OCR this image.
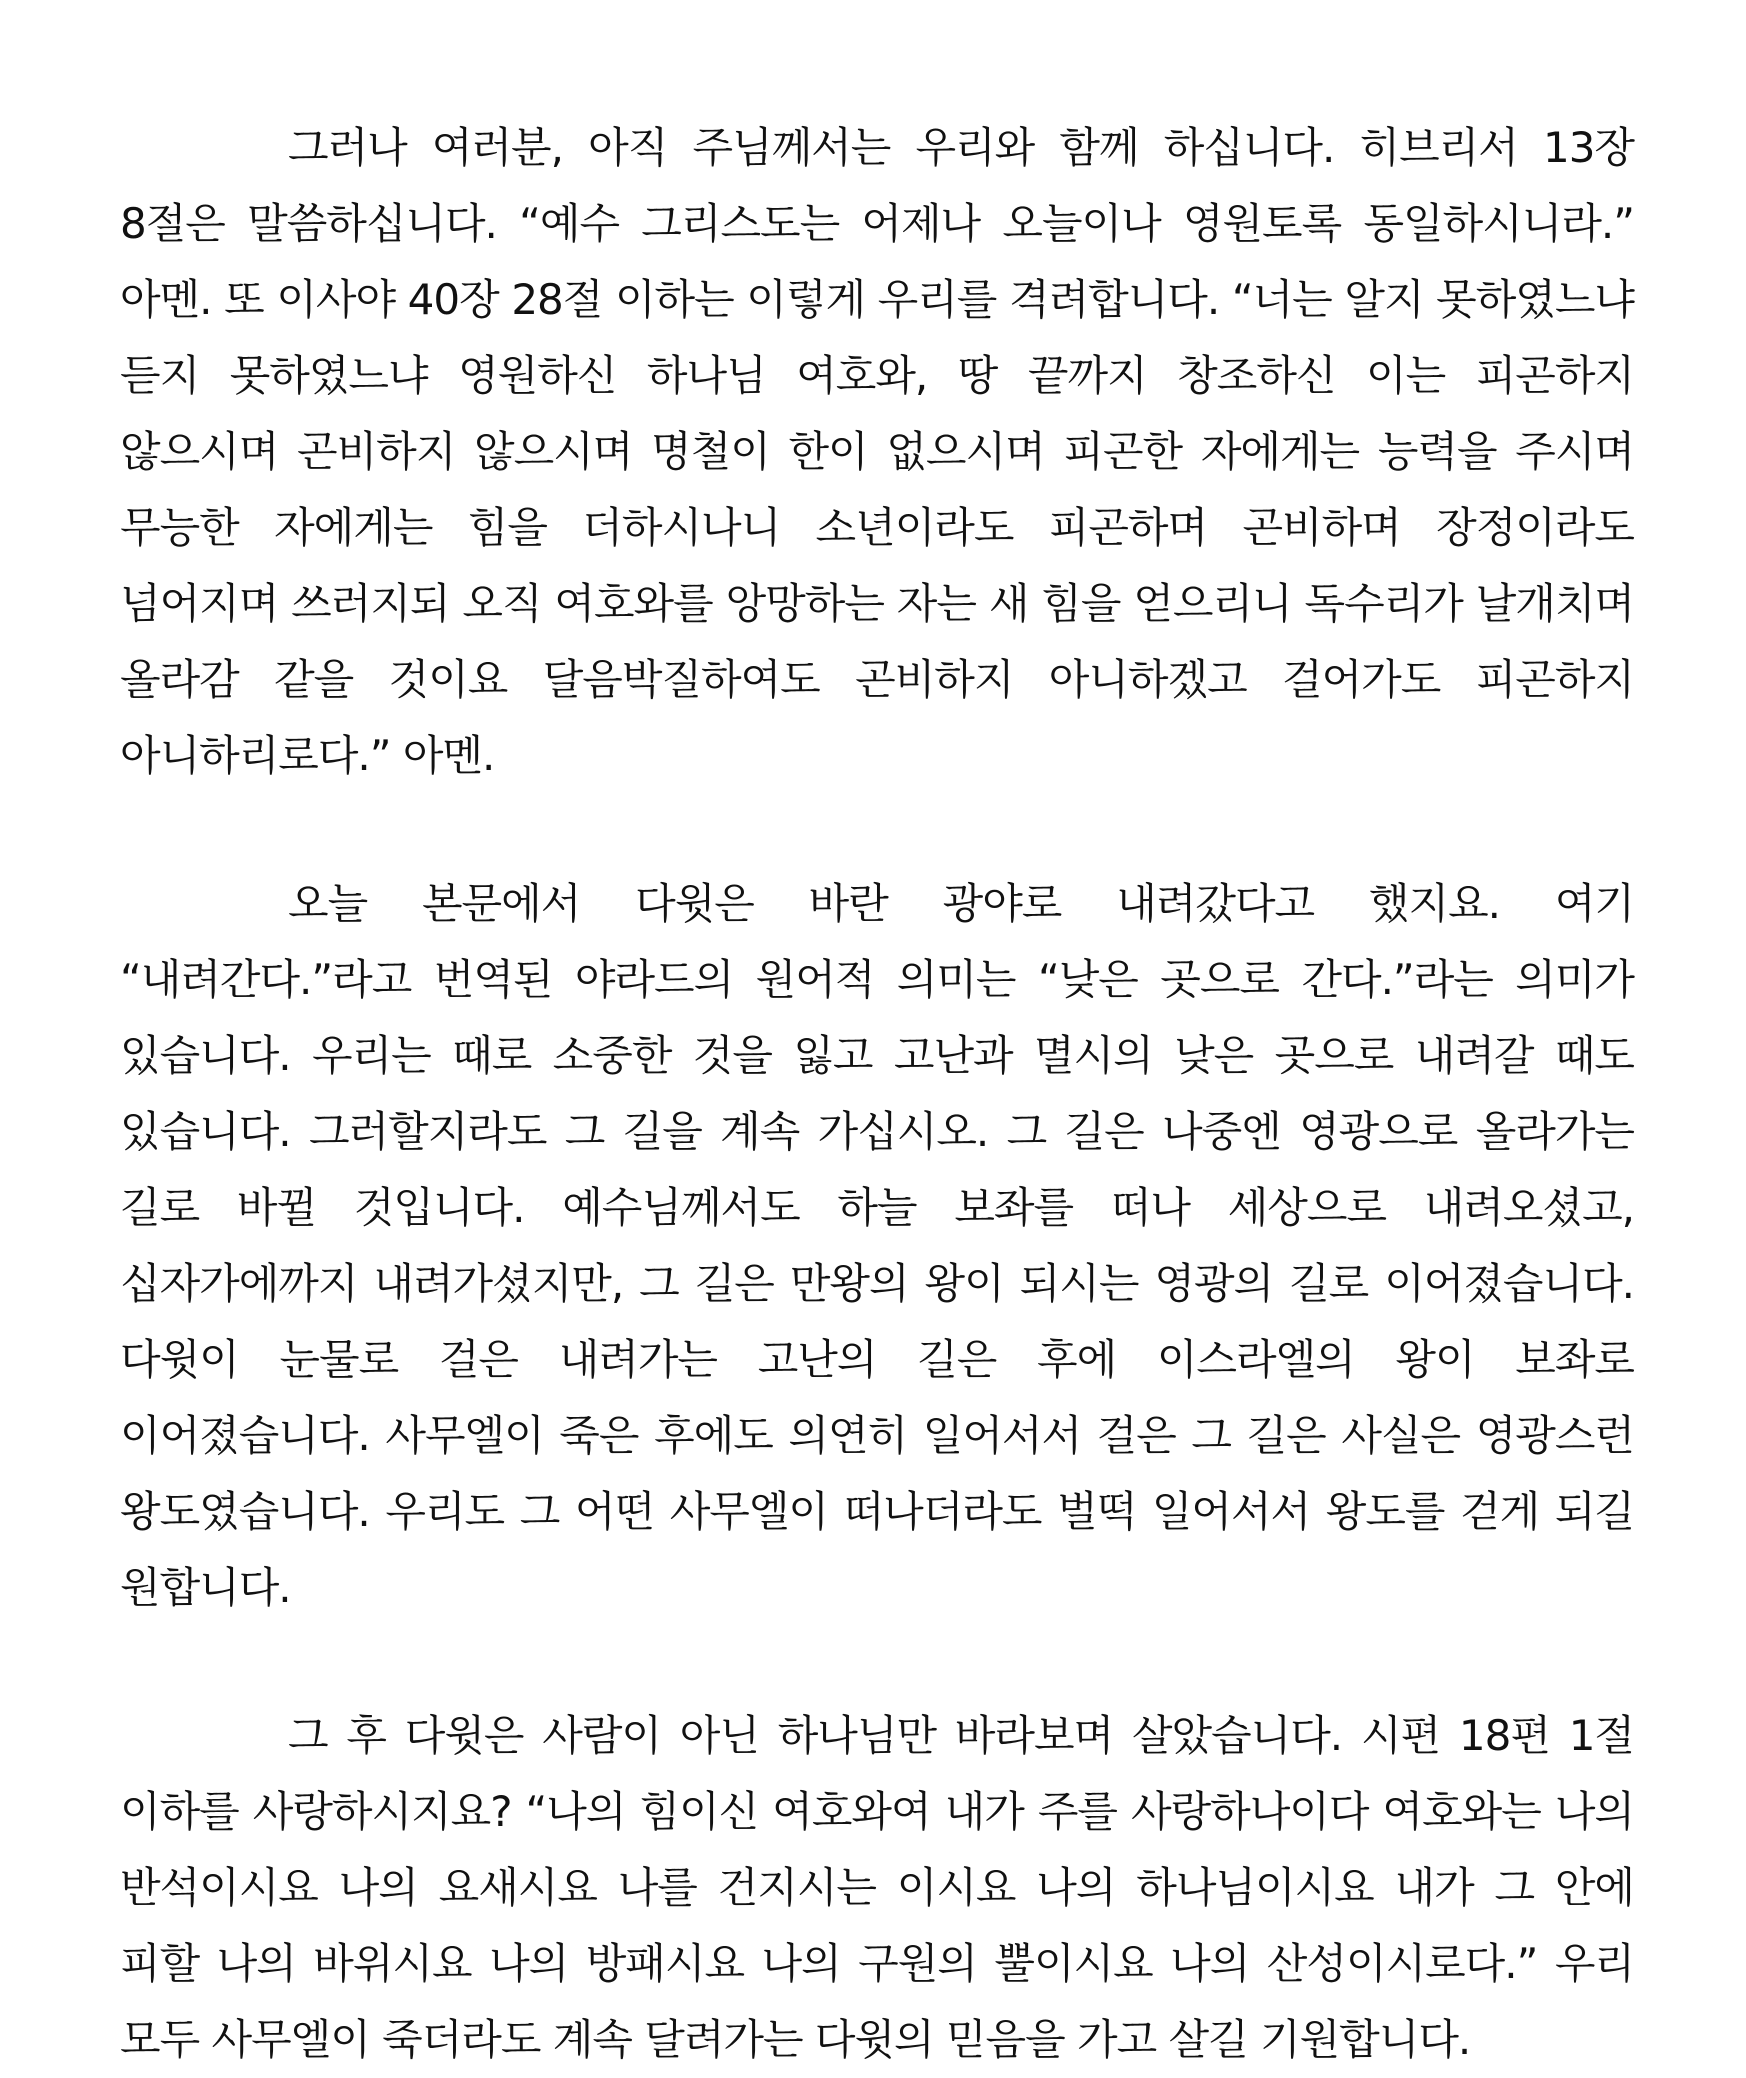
그러나 여러분, 아직 주님께서는 우리와 함께 하십니다. 히브리서 13장 8절은 말씀하십니다. “예수 그리스도는 어제나 오늘이나 영원토록 동일하시니라.” 아멘. 또 이사야 40장 28절 이하는 이렇게 우리를 격려합니다. “너는 알지 못하였느냐 듣지 못하였느냐 영원하신 하나님 여호와, 땅 끝까지 창조하신 이는 피곤하지 않으시며 곤비하지 않으시며 명철이 한이 없으시며 피곤한 자에게는 능력을 주시며 무능한 자에게는 힘을 더하시나니 소년이라도 피곤하며 곤비하며 장정이라도 넘어지며 쓰러지되 오직 여호와를 앙망하는 자는 새 힘을 얻으리니 독수리가 날개치며 올라감 같을 것이요 달음박질하여도 곤비하지 아니하겠고 걸어가도 피곤하지 아니하리로다.” 아멘.

오늘 본문에서 다윗은 바란 광야로 내려갔다고 했지요. 여기 “내려간다.”라고 번역된 야라드의 원어적 의미는 “낮은 곳으로 간다.”라는 의미가 있습니다. 우리는 때로 소중한 것을 잃고 고난과 멸시의 낮은 곳으로 내려갈 때도 있습니다. 그러할지라도 그 길을 계속 가십시오. 그 길은 나중엔 영광으로 올라가는 길로 바뀔 것입니다. 예수님께서도 하늘 보좌를 떠나 세상으로 내려오셨고, 십자가에까지 내려가셨지만, 그 길은 만왕의 왕이 되시는 영광의 길로 이어졌습니다. 다윗이 눈물로 걸은 내려가는 고난의 길은 후에 이스라엘의 왕이 보좌로 이어졌습니다. 사무엘이 죽은 후에도 의연히 일어서서 걸은 그 길은 사실은 영광스런 왕도였습니다. 우리도 그 어떤 사무엘이 떠나더라도 벌떡 일어서서 왕도를 걷게 되길 원합니다.

그 후 다윗은 사람이 아닌 하나님만 바라보며 살았습니다. 시편 18편 1절 이하를 사랑하시지요? “나의 힘이신 여호와여 내가 주를 사랑하나이다 여호와는 나의 반석이시요 나의 요새시요 나를 건지시는 이시요 나의 하나님이시요 내가 그 안에 피할 나의 바위시요 나의 방패시요 나의 구원의 뿔이시요 나의 산성이시로다.” 우리 모두 사무엘이 죽더라도 계속 달려가는 다윗의 믿음을 가고 살길 기원합니다.
